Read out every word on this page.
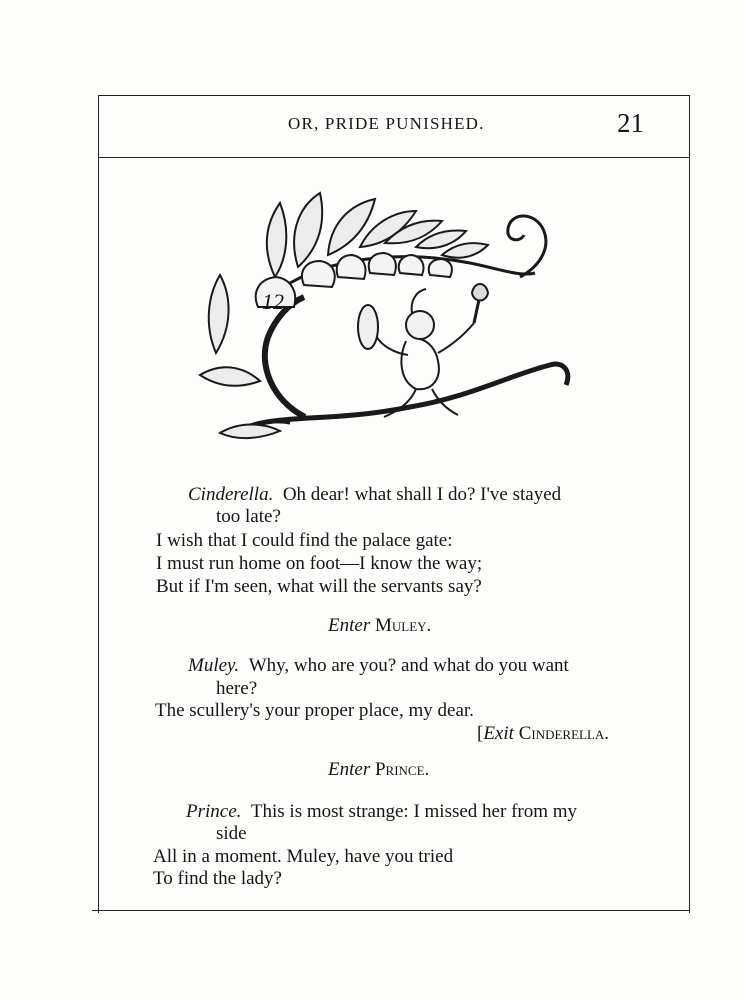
OR, PRIDE PUNISHED.	21
12
Cinderella. Oh dear! what shall I do? I've stayed
too late?
I wish that I could find the palace gate:
I must run home on foot—I know the way;
But if I'm seen, what will the servants say?
Enter Muley.
Muley. Why, who are you? and what do you want
here?
The scullery's your proper place, my dear.
[Exit Cinderella.
Enter Prince.
Prince. This is most strange: I missed her from my
side
All in a moment. Muley, have you tried
To find the lady?
